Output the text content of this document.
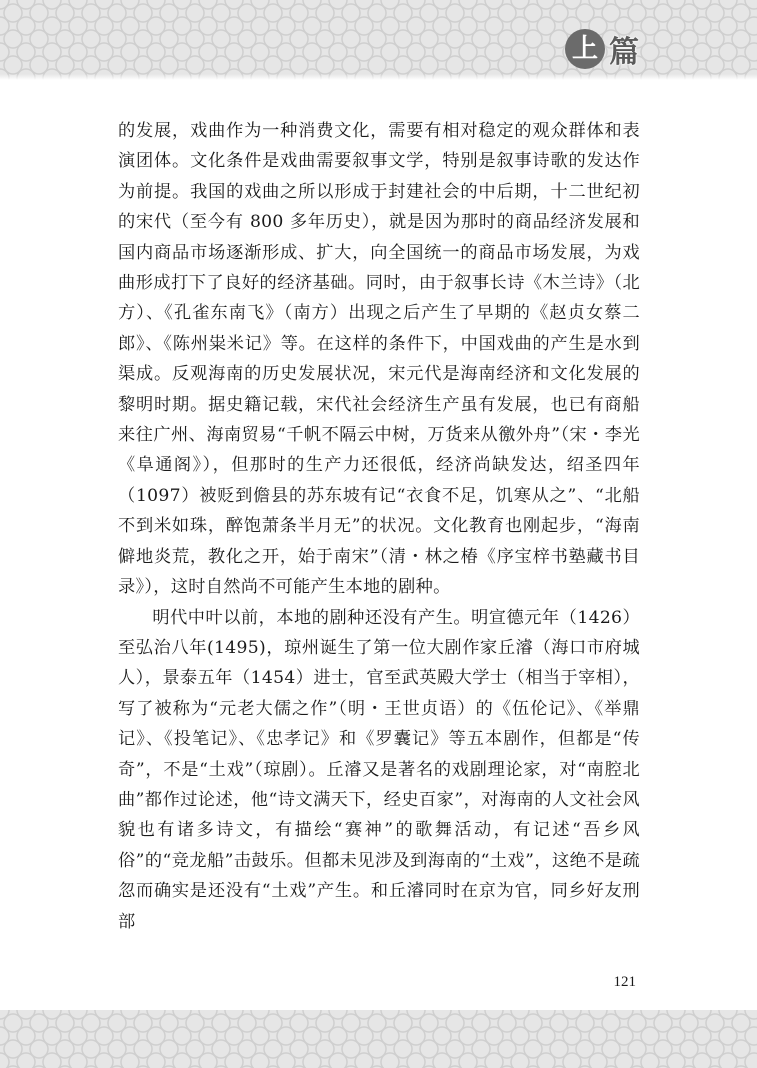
上 篇

的发展，戏曲作为一种消费文化，需要有相对稳定的观众群体和表演团体。文化条件是戏曲需要叙事文学，特别是叙事诗歌的发达作为前提。我国的戏曲之所以形成于封建社会的中后期，十二世纪初的宋代（至今有 800 多年历史），就是因为那时的商品经济发展和国内商品市场逐渐形成、扩大，向全国统一的商品市场发展，为戏曲形成打下了良好的经济基础。同时，由于叙事长诗《木兰诗》（北方）、《孔雀东南飞》（南方）出现之后产生了早期的《赵贞女蔡二郎》、《陈州粜米记》等。在这样的条件下，中国戏曲的产生是水到渠成。反观海南的历史发展状况，宋元代是海南经济和文化发展的黎明时期。据史籍记载，宋代社会经济生产虽有发展，也已有商船来往广州、海南贸易“千帆不隔云中树，万货来从徼外舟”（宋・李光《阜通阁》），但那时的生产力还很低，经济尚缺发达，绍圣四年（1097）被贬到儋县的苏东坡有记“衣食不足，饥寒从之”、“北船不到米如珠，醉饱萧条半月无”的状况。文化教育也刚起步，“海南僻地炎荒，教化之开，始于南宋”（清・林之椿《序宝梓书塾藏书目录》），这时自然尚不可能产生本地的剧种。

明代中叶以前，本地的剧种还没有产生。明宣德元年（1426）至弘治八年(1495)，琼州诞生了第一位大剧作家丘濬（海口市府城人），景泰五年（1454）进士，官至武英殿大学士（相当于宰相），写了被称为“元老大儒之作”（明・王世贞语）的《伍伦记》、《举鼎记》、《投笔记》、《忠孝记》和《罗囊记》等五本剧作，但都是“传奇”，不是“土戏”（琼剧）。丘濬又是著名的戏剧理论家，对“南腔北曲”都作过论述，他“诗文满天下，经史百家”，对海南的人文社会风貌也有诸多诗文，有描绘“赛神”的歌舞活动，有记述“吾乡风俗”的“竞龙船”击鼓乐。但都未见涉及到海南的“土戏”，这绝不是疏忽而确实是还没有“土戏”产生。和丘濬同时在京为官，同乡好友刑部

121
